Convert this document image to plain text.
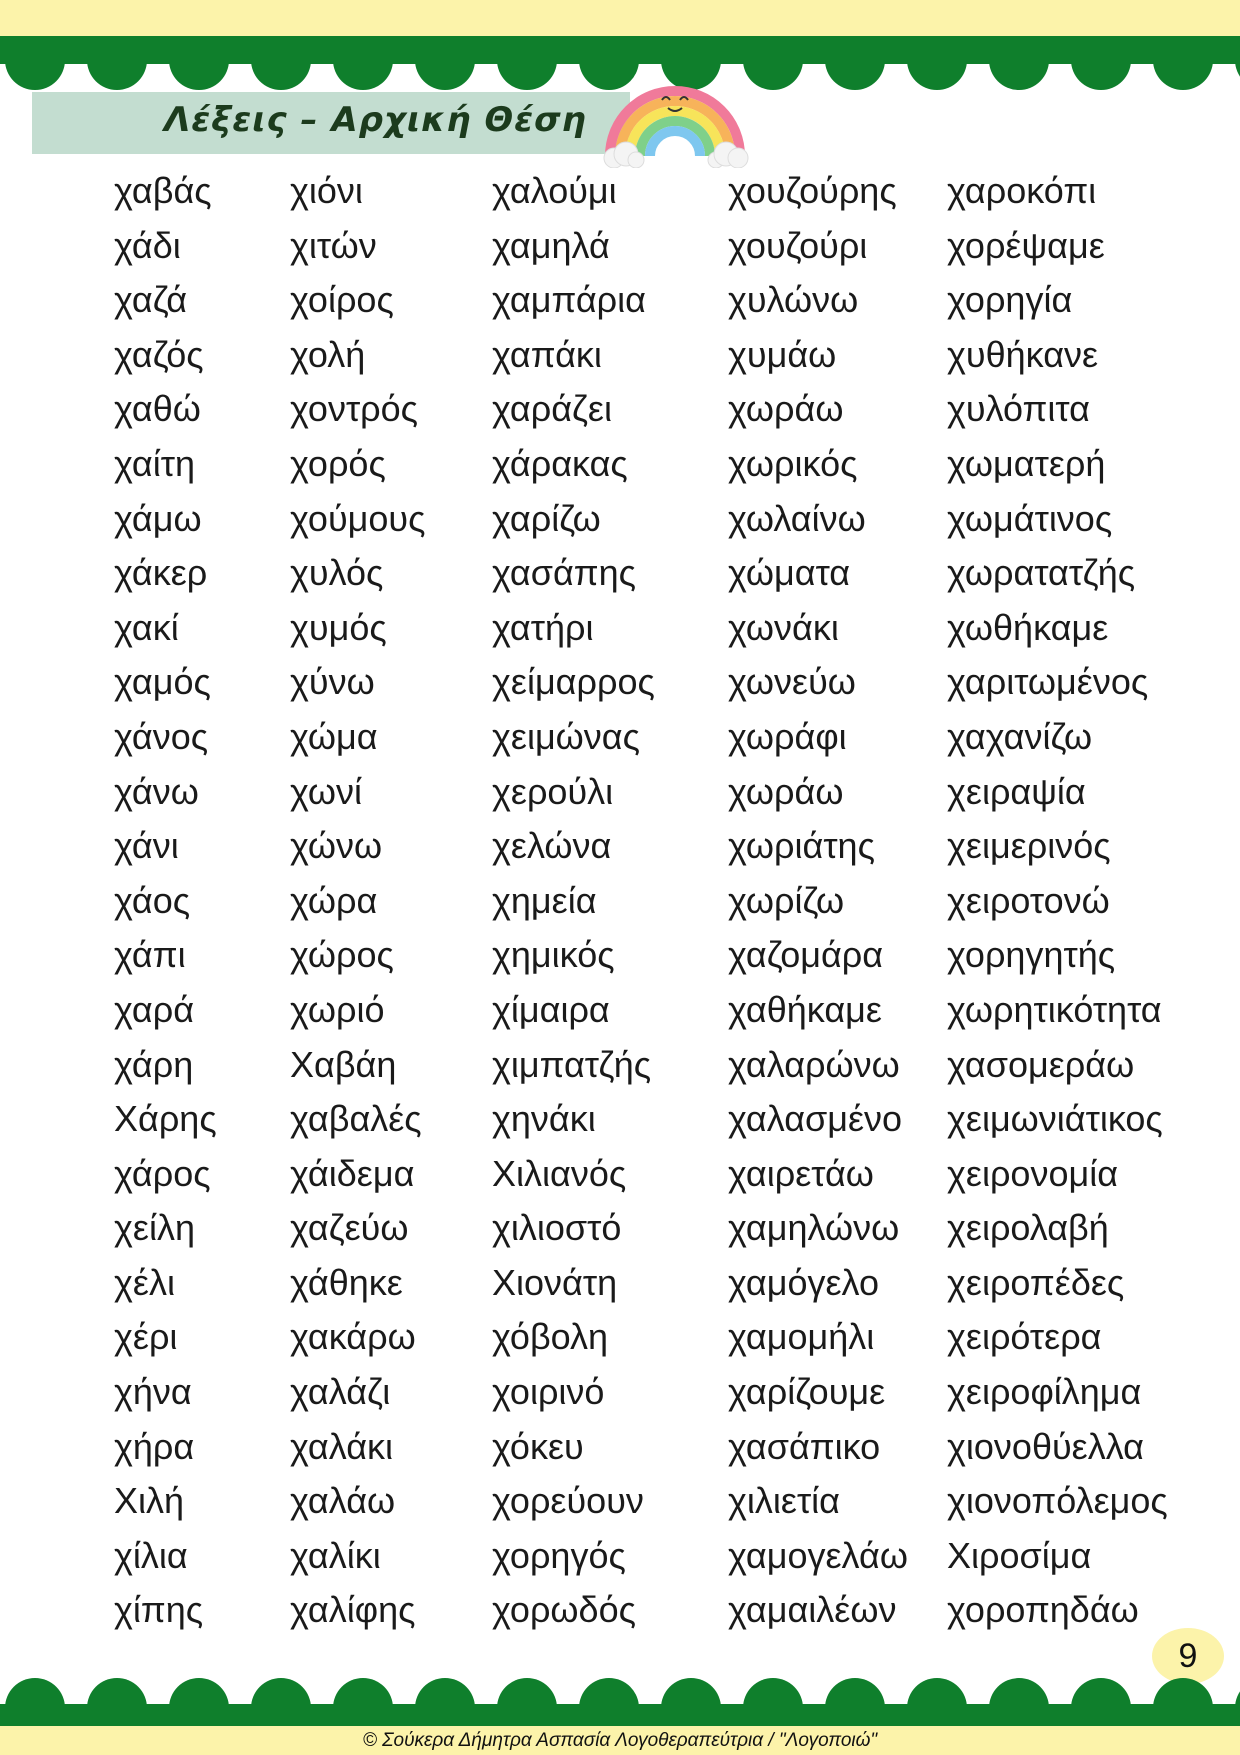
Λέξεις – Αρχική Θέση
χαβάς
χάδι
χαζά
χαζός
χαθώ
χαίτη
χάμω
χάκερ
χακί
χαμός
χάνος
χάνω
χάνι
χάος
χάπι
χαρά
χάρη
Χάρης
χάρος
χείλη
χέλι
χέρι
χήνα
χήρα
Χιλή
χίλια
χίπης
χιόνι
χιτών
χοίρος
χολή
χοντρός
χορός
χούμους
χυλός
χυμός
χύνω
χώμα
χωνί
χώνω
χώρα
χώρος
χωριό
Χαβάη
χαβαλές
χάιδεμα
χαζεύω
χάθηκε
χακάρω
χαλάζι
χαλάκι
χαλάω
χαλίκι
χαλίφης
χαλούμι
χαμηλά
χαμπάρια
χαπάκι
χαράζει
χάρακας
χαρίζω
χασάπης
χατήρι
χείμαρρος
χειμώνας
χερούλι
χελώνα
χημεία
χημικός
χίμαιρα
χιμπατζής
χηνάκι
Χιλιανός
χιλιοστό
Χιονάτη
χόβολη
χοιρινό
χόκευ
χορεύουν
χορηγός
χορωδός
χουζούρης
χουζούρι
χυλώνω
χυμάω
χωράω
χωρικός
χωλαίνω
χώματα
χωνάκι
χωνεύω
χωράφι
χωράω
χωριάτης
χωρίζω
χαζομάρα
χαθήκαμε
χαλαρώνω
χαλασμένο
χαιρετάω
χαμηλώνω
χαμόγελο
χαμομήλι
χαρίζουμε
χασάπικο
χιλιετία
χαμογελάω
χαμαιλέων
χαροκόπι
χορέψαμε
χορηγία
χυθήκανε
χυλόπιτα
χωματερή
χωμάτινος
χωρατατζής
χωθήκαμε
χαριτωμένος
χαχανίζω
χειραψία
χειμερινός
χειροτονώ
χορηγητής
χωρητικότητα
χασομεράω
χειμωνιάτικος
χειρονομία
χειρολαβή
χειροπέδες
χειρότερα
χειροφίλημα
χιονοθύελλα
χιονοπόλεμος
Χιροσίμα
χοροπηδάω
9
© Σούκερα Δήμητρα Ασπασία Λογοθεραπεύτρια / "Λογοποιώ"
